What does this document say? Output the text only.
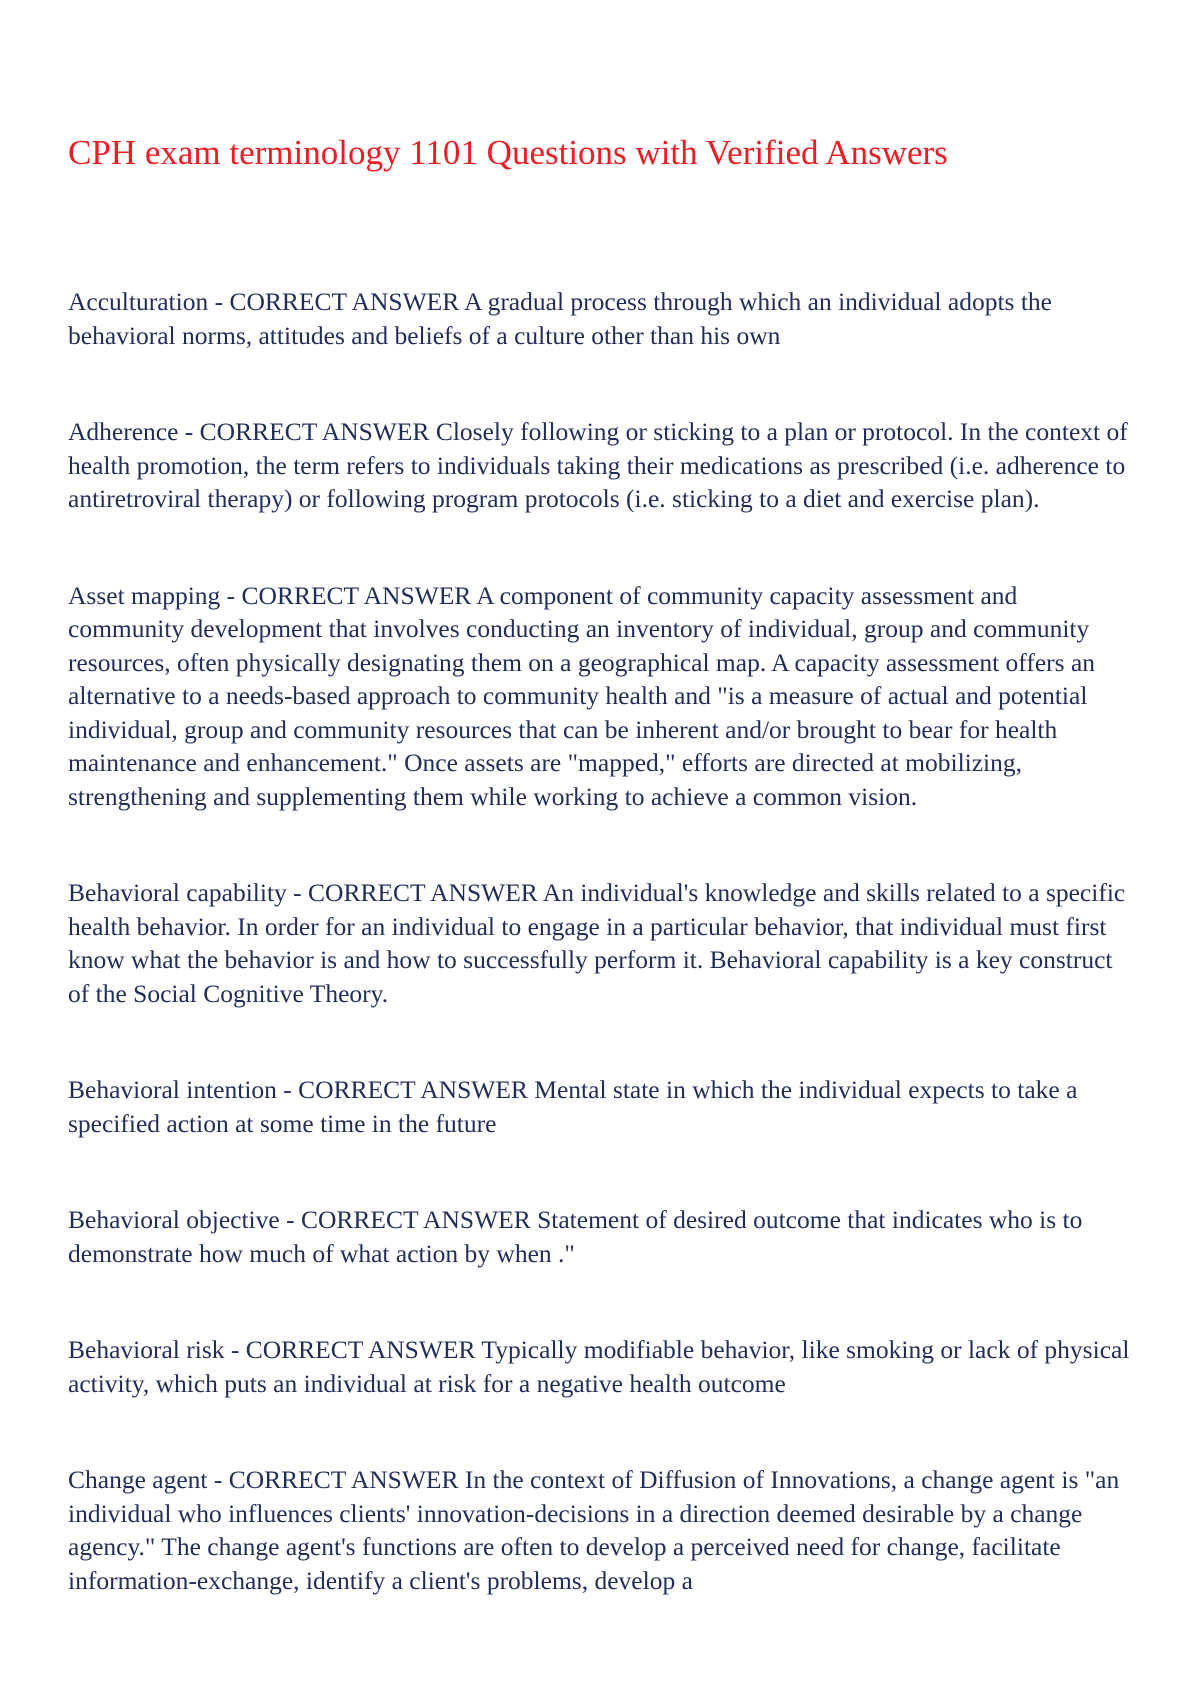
CPH exam terminology 1101 Questions with Verified Answers
Acculturation - CORRECT ANSWER A gradual process through which an individual adopts the behavioral norms, attitudes and beliefs of a culture other than his own
Adherence - CORRECT ANSWER Closely following or sticking to a plan or protocol. In the context of health promotion, the term refers to individuals taking their medications as prescribed (i.e. adherence to antiretroviral therapy) or following program protocols (i.e. sticking to a diet and exercise plan).
Asset mapping - CORRECT ANSWER A component of community capacity assessment and community development that involves conducting an inventory of individual, group and community resources, often physically designating them on a geographical map. A capacity assessment offers an alternative to a needs-based approach to community health and "is a measure of actual and potential individual, group and community resources that can be inherent and/or brought to bear for health maintenance and enhancement." Once assets are "mapped," efforts are directed at mobilizing, strengthening and supplementing them while working to achieve a common vision.
Behavioral capability - CORRECT ANSWER An individual's knowledge and skills related to a specific health behavior. In order for an individual to engage in a particular behavior, that individual must first know what the behavior is and how to successfully perform it. Behavioral capability is a key construct of the Social Cognitive Theory.
Behavioral intention - CORRECT ANSWER Mental state in which the individual expects to take a specified action at some time in the future
Behavioral objective - CORRECT ANSWER Statement of desired outcome that indicates who is to demonstrate how much of what action by when ."
Behavioral risk - CORRECT ANSWER Typically modifiable behavior, like smoking or lack of physical activity, which puts an individual at risk for a negative health outcome
Change agent - CORRECT ANSWER In the context of Diffusion of Innovations, a change agent is "an individual who influences clients' innovation-decisions in a direction deemed desirable by a change agency." The change agent's functions are often to develop a perceived need for change, facilitate information-exchange, identify a client's problems, develop a
